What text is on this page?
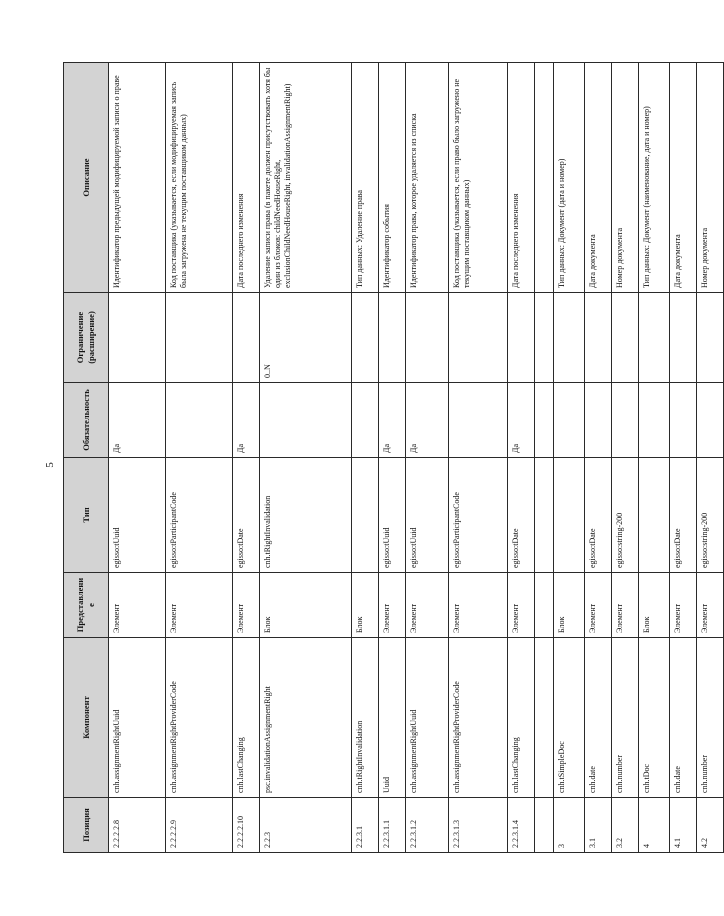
5
Позиция	Компонент	Представление	Тип	Обязательность	Ограничение (расширение)	Описание
2.2.2.2.8	cnh.assignmentRightUuid	Элемент	egisso:tUuid	Да		Идентификатор предыдущей модифицируемой записи о праве
2.2.2.2.9	cnh.assignmentRightProviderCode	Элемент	egisso:tParticipantCode			Код поставщика (указывается, если модифицируемая запись была загружена не текущим поставщиком данных)
2.2.2.2.10	cnh.lastChanging	Элемент	egisso:tDate	Да		Дата последнего изменения
2.2.3	psc.invalidationAssignmentRight	Блок	cnh.tRightInvalidation		0..N	Удаление записи права (в пакете должен присутствовать хотя бы один из блоков: childNeedHouseRight, exclusionChildNeedHouseRight, invalidationAssignmentRight)
2.2.3.1	cnh.tRightInvalidation	Блок				Тип данных: Удаление права
2.2.3.1.1	Uuid	Элемент	egisso:tUuid	Да		Идентификатор события
2.2.3.1.2	cnh.assignmentRightUuid	Элемент	egisso:tUuid	Да		Идентификатор права, которое удаляется из списка
2.2.3.1.3	cnh.assignmentRightProviderCode	Элемент	egisso:tParticipantCode			Код поставщика (указывается, если право было загружено не текущим поставщиком данных)
2.2.3.1.4	cnh.lastChanging	Элемент	egisso:tDate	Да		Дата последнего изменения

3	cnh.tSimpleDoc	Блок				Тип данных: Документ (дата и номер)
3.1	cnh.date	Элемент	egisso:tDate			Дата документа
3.2	cnh.number	Элемент	egisso:string-200			Номер документа
4	cnh.tDoc	Блок				Тип данных: Документ (наименование, дата и номер)
4.1	cnh.date	Элемент	egisso:tDate			Дата документа
4.2	cnh.number	Элемент	egisso:string-200			Номер документа
